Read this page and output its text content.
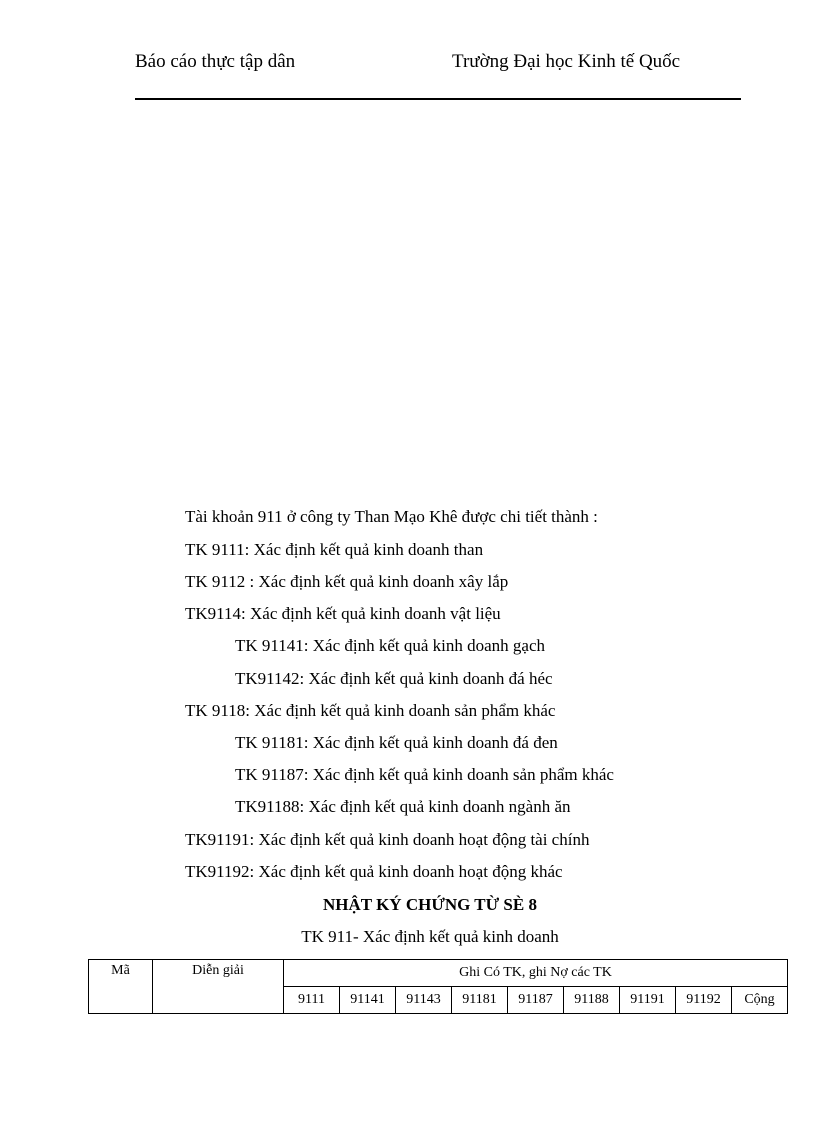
Báo cáo thực tập dân	Trường Đại học Kinh tế Quốc
Tài khoản 911 ở công ty Than Mạo Khê được chi tiết thành :
TK 9111: Xác định kết quả kinh doanh than
TK 9112 : Xác định kết quả kinh doanh xây lắp
TK9114: Xác định kết quả kinh doanh vật liệu
TK 91141: Xác định kết quả kinh doanh gạch
TK91142: Xác định kết quả kinh doanh đá héc
TK 9118: Xác định kết quả kinh doanh sản phẩm khác
TK 91181: Xác định kết quả kinh doanh đá đen
TK 91187: Xác định kết quả kinh doanh sản phẩm khác
TK91188: Xác định kết quả kinh doanh ngành ăn
TK91191: Xác định kết quả kinh doanh hoạt động tài chính
TK91192: Xác định kết quả kinh doanh hoạt động khác
NHẬT KÝ CHỨNG TỪ SÈ 8
TK 911- Xác định kết quả kinh doanh
Mã	Diễn giải	Ghi Có TK, ghi Nợ các TK								
		9111	91141	91143	91181	91187	91188	91191	91192	Cộng
